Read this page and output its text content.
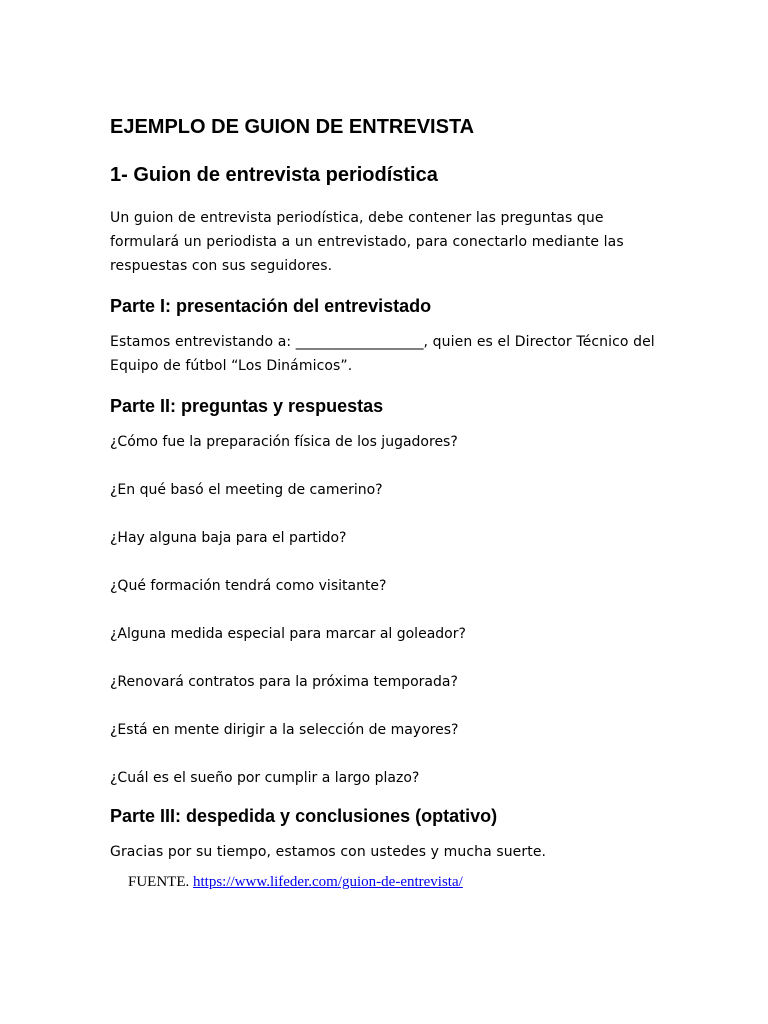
EJEMPLO DE GUION DE ENTREVISTA
1- Guion de entrevista periodística

Un guion de entrevista periodística, debe contener las preguntas que formulará un periodista a un entrevistado, para conectarlo mediante las respuestas con sus seguidores.

Parte I: presentación del entrevistado

Estamos entrevistando a: __________________, quien es el Director Técnico del Equipo de fútbol “Los Dinámicos”.

Parte II: preguntas y respuestas

¿Cómo fue la preparación física de los jugadores?

¿En qué basó el meeting de camerino?

¿Hay alguna baja para el partido?

¿Qué formación tendrá como visitante?

¿Alguna medida especial para marcar al goleador?

¿Renovará contratos para la próxima temporada?

¿Está en mente dirigir a la selección de mayores?

¿Cuál es el sueño por cumplir a largo plazo?

Parte III: despedida y conclusiones (optativo)

Gracias por su tiempo, estamos con ustedes y mucha suerte.

FUENTE. https://www.lifeder.com/guion-de-entrevista/
